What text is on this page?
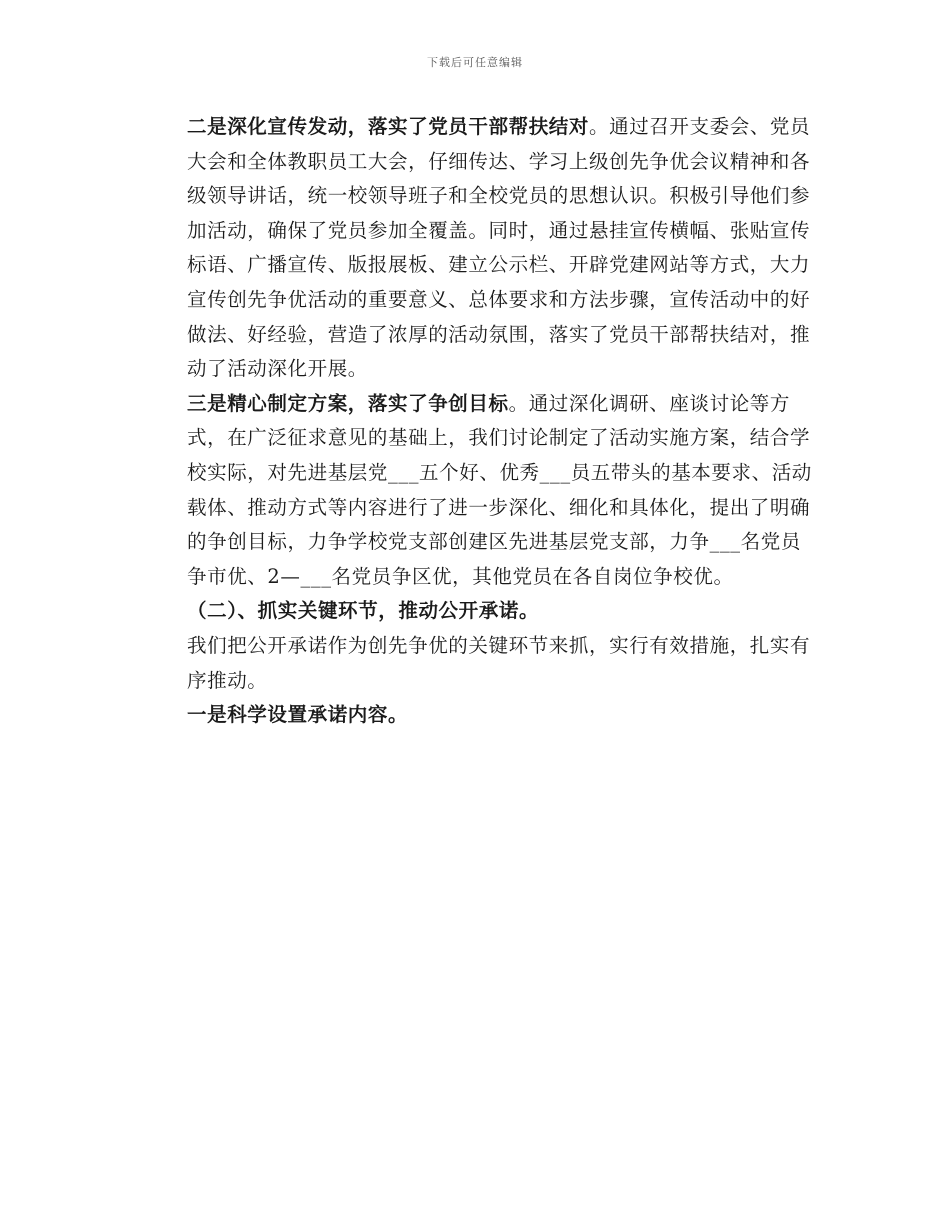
下载后可任意编辑

二是深化宣传发动，落实了党员干部帮扶结对。通过召开支委会、党员大会和全体教职员工大会，仔细传达、学习上级创先争优会议精神和各级领导讲话，统一校领导班子和全校党员的思想认识。积极引导他们参加活动，确保了党员参加全覆盖。同时，通过悬挂宣传横幅、张贴宣传标语、广播宣传、版报展板、建立公示栏、开辟党建网站等方式，大力宣传创先争优活动的重要意义、总体要求和方法步骤，宣传活动中的好做法、好经验，营造了浓厚的活动氛围，落实了党员干部帮扶结对，推动了活动深化开展。

三是精心制定方案，落实了争创目标。通过深化调研、座谈讨论等方式，在广泛征求意见的基础上，我们讨论制定了活动实施方案，结合学校实际，对先进基层党___五个好、优秀___员五带头的基本要求、活动载体、推动方式等内容进行了进一步深化、细化和具体化，提出了明确的争创目标，力争学校党支部创建区先进基层党支部，力争___名党员争市优、2—___名党员争区优，其他党员在各自岗位争校优。

（二）、抓实关键环节，推动公开承诺。

我们把公开承诺作为创先争优的关键环节来抓，实行有效措施，扎实有序推动。

一是科学设置承诺内容。
